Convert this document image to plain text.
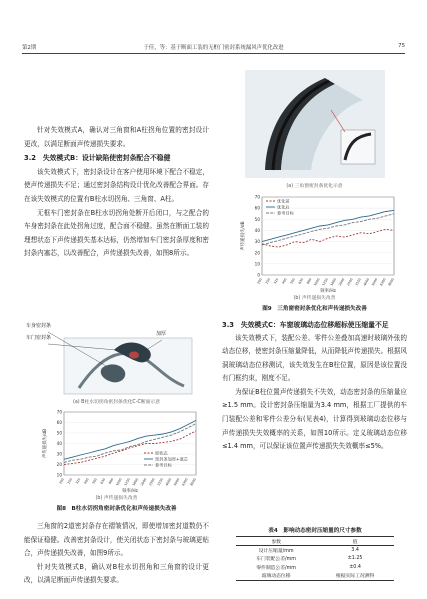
第2期	于佳，等：基于断面工装的无框门密封系统漏风声优化改进	75

针对失效模式A，确认对三角窗和A柱拐角位置的密封设计更改，以满足断面声传递损失要求。

3.2　失效模式B：设计缺陷使密封条配合不稳健

该失效模式下，密封条设计在客户使用环境下配合不稳定，使声传递损失不足；通过密封条结构设计优化改善配合界面。存在该失效模式的位置有B柱水切拐角、三角窗、A柱。

无框车门密封条在B柱水切拐角处断开后闭口，与之配合的车身密封条在此处拐角过度，配合面不稳健。虽然在断面工装的理想状态下声传递损失基本达标，仍然增加车门密封条厚度和密封条内塞芯，以改善配合，声传递损失改善，如图8所示。

车身密封条
车门密封条
加厚
(a) B柱水切拐角密封条优化C-C断面示意
10
20
30
40
50
60
70
200 250 315 400 500 630 800 1000 1250 1600 2000 2500 3150 4000 5000 6300 8000
频率/Hz
声传递损失/dB	原状态
密封条加厚+塞芯
参考目标
(b) 声传递损失改善
图8　B柱水切拐角密封条优化和声传递损失改善

三角窗的2道密封条存在褶皱情况，即使增加密封道数仍不能保证稳健。改善密封条设计，使关闭状态下密封条与玻璃更贴合，声传递损失改善，如图9所示。

针对失效模式B，确认对B柱水切拐角和三角窗的设计更改，以满足断面声传递损失要求。

(a) 三角窗密封条优化示意
0
10
20
30
40
50
60
70
200 250 315 400 500 630 800 1000 1250 1600 2000 2500 3150 4000 5000 6300 8000
频率/Hz
声传递损失/dB
优化前
优化后
参考目标
(b) 声传递损失改善
图9　三角窗密封条优化和声传递损失改善
3.3　失效模式C：车窗玻璃动态位移超标使压缩量不足

该失效模式下，装配公差、零件公差叠加高速时玻璃外张的动态位移，使密封条压缩量降低，从而降低声传递损失。根据风洞玻璃动态位移测试，该失效发生在B柱位置，原因是该位置没有门框约束，刚度不足。

为保证B柱位置声传递损失不失效，动态密封条的压缩量应≥1.5 mm。设计密封条压缩量为3.4 mm，根据工厂提供的车门装配公差和零件公差分布(见表4)，计算得到玻璃动态位移与声传递损失失效概率的关系，如图10所示。定义玻璃动态位移≤1.4 mm，可以保证该位置声传递损失失效概率≤5%。

表4　影响动态密封压缩量的尺寸参数
参数	值
设计压缩量/mm	3.4
车门装配公差/mm	±1.25
零件制造公差/mm	±0.4
玻璃动态位移	根据实际工况测得
